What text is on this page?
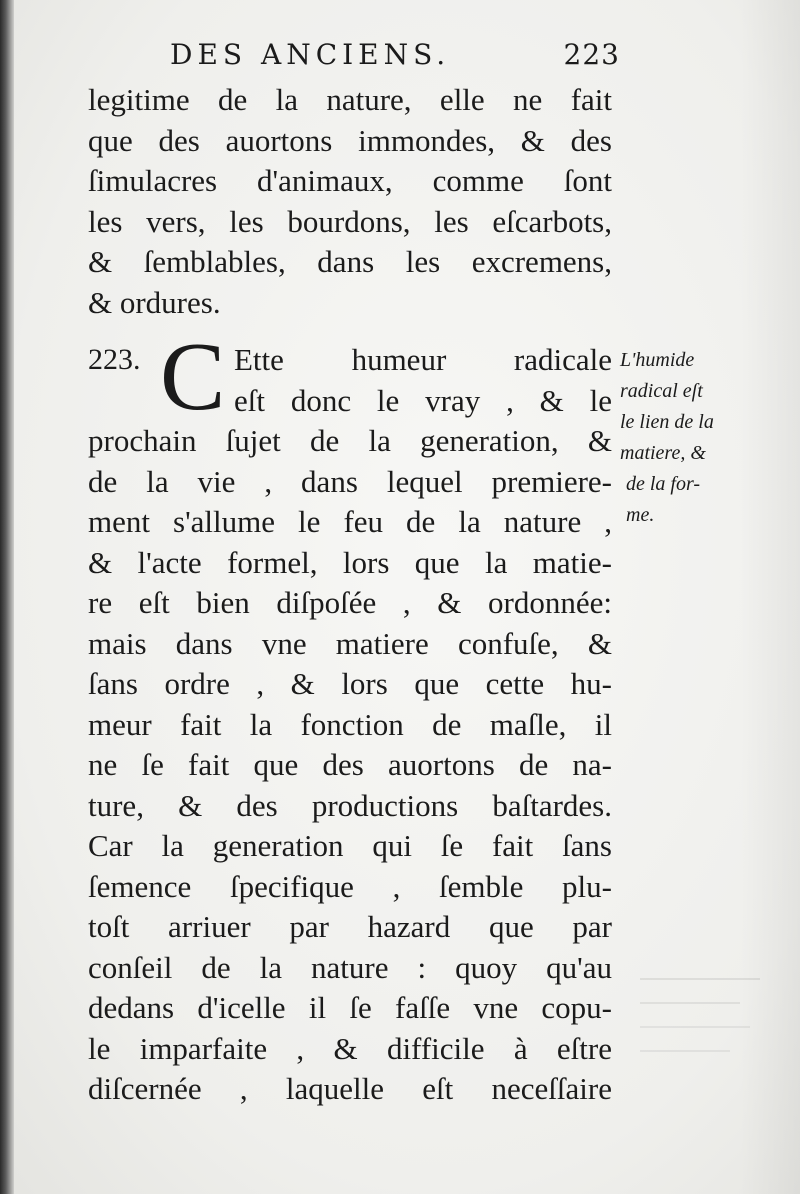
DES ANCIENS.	223
legitime de la nature, elle ne fait
que des auortons immondes, & des
ſimulacres d'animaux, comme ſont
les vers, les bourdons, les eſcarbots,
& ſemblables, dans les excremens,
& ordures.
223. C Ette humeur radicale
eſt donc le vray , & le
prochain ſujet de la generation, &
de la vie , dans lequel premiere-
ment s'allume le feu de la nature ,
& l'acte formel, lors que la matie-
re eſt bien diſpoſée , & ordonnée:
mais dans vne matiere confuſe, &
ſans ordre , & lors que cette hu-
meur fait la fonction de maſle, il
ne ſe fait que des auortons de na-
ture, & des productions baſtardes.
Car la generation qui ſe fait ſans
ſemence ſpecifique , ſemble plu-
toſt arriuer par hazard que par
conſeil de la nature : quoy qu'au
dedans d'icelle il ſe faſſe vne copu-
le imparfaite , & difficile à eſtre
diſcernée , laquelle eſt neceſſaire
L'humide
radical eſt
le lien de la
matiere, &
de la for-
me.
